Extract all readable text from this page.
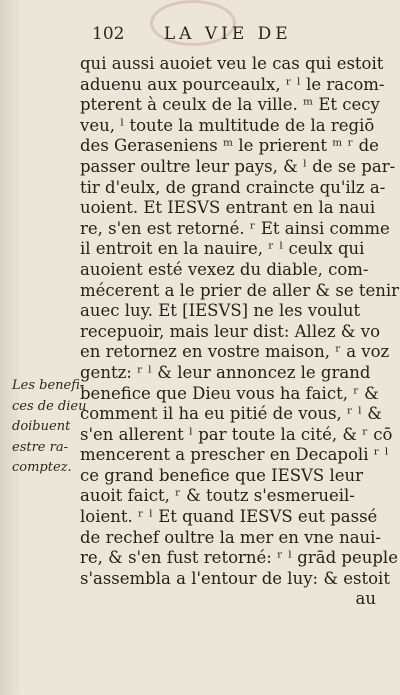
102 LA VIE DE
qui aussi auoiet veu le cas qui estoit
aduenu aux pourceaulx, ʳ ˡ le racom-
pterent à ceulx de la ville. ᵐ Et cecy
veu, ˡ toute la multitude de la regiō
des Geraseniens ᵐ le prierent ᵐ ʳ de
passer oultre leur pays, & ˡ de se par-
tir d'eulx, de grand craincte qu'ilz a-
uoient. Et IESVS entrant en la naui
re, s'en est retorné. ʳ Et ainsi comme
il entroit en la nauire, ʳ ˡ ceulx qui
auoient esté vexez du diable, com-
mécerent a le prier de aller & se tenir
auec luy. Et [IESVS] ne les voulut
recepuoir, mais leur dist: Allez & vo
en retornez en vostre maison, ʳ a voz
gentz: ʳ ˡ & leur annoncez le grand
benefice que Dieu vous ha faict, ʳ &
comment il ha eu pitié de vous, ʳ ˡ &
s'en allerent ˡ par toute la cité, & ʳ cō
mencerent a prescher en Decapoli ʳ ˡ
ce grand benefice que IESVS leur
auoit faict, ʳ & toutz s'esmerueil-
loient. ʳ ˡ Et quand IESVS eut passé
de rechef oultre la mer en vne naui-
re, & s'en fust retorné: ʳ ˡ grād peuple
s'assembla a l'entour de luy: & estoit
au
Les benefi-
ces de dieu
doibuent
estre ra-
comptez.
